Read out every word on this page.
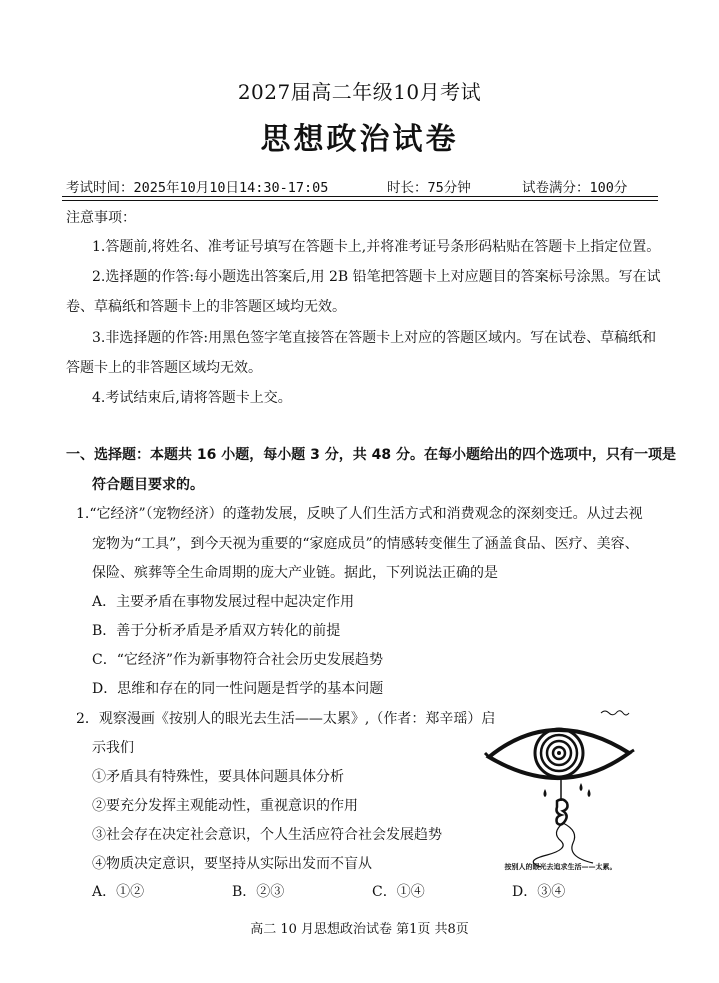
2027届高二年级10月考试
思想政治试卷
考试时间：2025年10月10日14:30-17:05	时长：75分钟	试卷满分：100分
注意事项：
1.答题前,将姓名、准考证号填写在答题卡上,并将准考证号条形码粘贴在答题卡上指定位置。
2.选择题的作答:每小题选出答案后,用 2B 铅笔把答题卡上对应题目的答案标号涂黑。写在试
卷、草稿纸和答题卡上的非答题区域均无效。
3.非选择题的作答:用黑色签字笔直接答在答题卡上对应的答题区域内。写在试卷、草稿纸和
答题卡上的非答题区域均无效。
4.考试结束后,请将答题卡上交。
一、选择题：本题共 16 小题，每小题 3 分，共 48 分。在每小题给出的四个选项中，只有一项是
符合题目要求的。
1.“它经济”（宠物经济）的蓬勃发展，反映了人们生活方式和消费观念的深刻变迁。从过去视
宠物为“工具”，到今天视为重要的“家庭成员”的情感转变催生了涵盖食品、医疗、美容、
保险、殡葬等全生命周期的庞大产业链。据此，下列说法正确的是
A．主要矛盾在事物发展过程中起决定作用
B．善于分析矛盾是矛盾双方转化的前提
C．“它经济”作为新事物符合社会历史发展趋势
D．思维和存在的同一性问题是哲学的基本问题
2．观察漫画《按别人的眼光去生活——太累》,（作者：郑辛瑶）启
示我们
①矛盾具有特殊性，要具体问题具体分析
②要充分发挥主观能动性，重视意识的作用
③社会存在决定社会意识，个人生活应符合社会发展趋势
④物质决定意识，要坚持从实际出发而不盲从
A．①②	B．②③	C．①④	D．③④
按别人的眼光去追求生活——太累。
高二 10 月思想政治试卷 第1页 共8页
